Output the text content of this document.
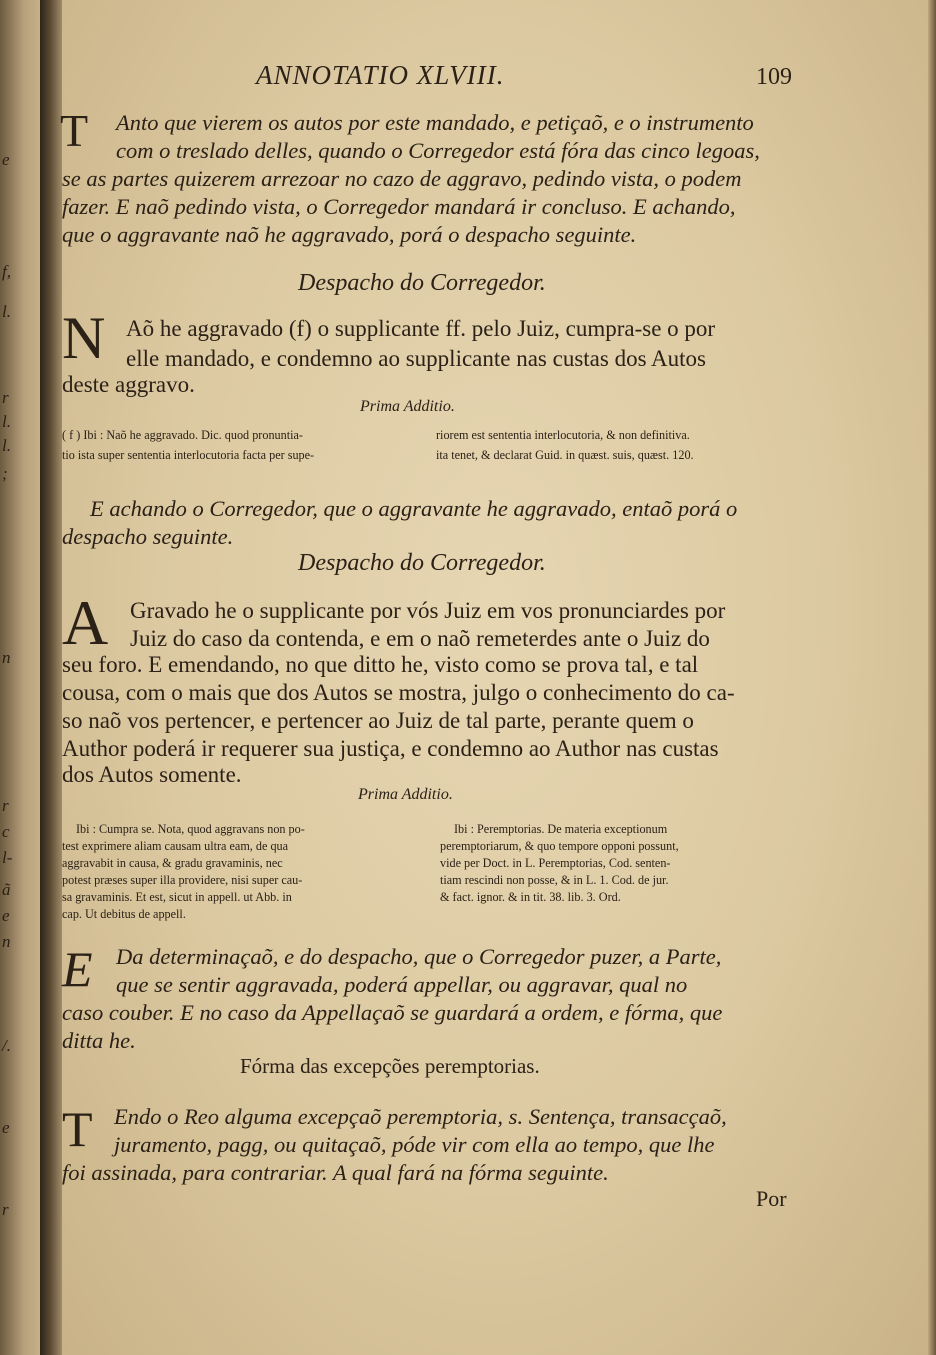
e
f,
l.
r
l.
l.
;
n
r
c
l-
ã
e
n
/.
e
r
ANNOTATIO XLVIII.	109
T Anto que vierem os autos por este mandado, e petiçaõ, e o instrumento
com o treslado delles, quando o Corregedor está fóra das cinco legoas,
se as partes quizerem arrezoar no cazo de aggravo, pedindo vista, o podem
fazer. E naõ pedindo vista, o Corregedor mandará ir concluso. E achando,
que o aggravante naõ he aggravado, porá o despacho seguinte.
Despacho do Corregedor.
N Aõ he aggravado (f) o supplicante ff. pelo Juiz, cumpra-se o por
elle mandado, e condemno ao supplicante nas custas dos Autos
deste aggravo.
Prima Additio.
( f ) Ibi : Naõ he aggravado. Dic. quod pronuntia-
tio ista super sententia interlocutoria facta per supe-
riorem est sententia interlocutoria, & non definitiva.
ita tenet, & declarat Guid. in quæst. suis, quæst. 120.
E achando o Corregedor, que o aggravante he aggravado, entaõ porá o
despacho seguinte.
Despacho do Corregedor.
A Gravado he o supplicante por vós Juiz em vos pronunciardes por
Juiz do caso da contenda, e em o naõ remeterdes ante o Juiz do
seu foro. E emendando, no que ditto he, visto como se prova tal, e tal
cousa, com o mais que dos Autos se mostra, julgo o conhecimento do ca-
so naõ vos pertencer, e pertencer ao Juiz de tal parte, perante quem o
Author poderá ir requerer sua justiça, e condemno ao Author nas custas
dos Autos somente.
Prima Additio.
Ibi : Cumpra se. Nota, quod aggravans non po-
test exprimere aliam causam ultra eam, de qua
aggravabit in causa, & gradu gravaminis, nec
potest præses super illa providere, nisi super cau-
sa gravaminis. Et est, sicut in appell. ut Abb. in
cap. Ut debitus de appell.
Ibi : Peremptorias. De materia exceptionum
peremptoriarum, & quo tempore opponi possunt,
vide per Doct. in L. Peremptorias, Cod. senten-
tiam rescindi non posse, & in L. 1. Cod. de jur.
& fact. ignor. & in tit. 38. lib. 3. Ord.
E Da determinaçaõ, e do despacho, que o Corregedor puzer, a Parte,
que se sentir aggravada, poderá appellar, ou aggravar, qual no
caso couber. E no caso da Appellaçaõ se guardará a ordem, e fórma, que
ditta he.
Fórma das excepções peremptorias.
T Endo o Reo alguma excepçaõ peremptoria, s. Sentença, transacçaõ,
juramento, pagg, ou quitaçaõ, póde vir com ella ao tempo, que lhe
foi assinada, para contrariar. A qual fará na fórma seguinte.
Por
